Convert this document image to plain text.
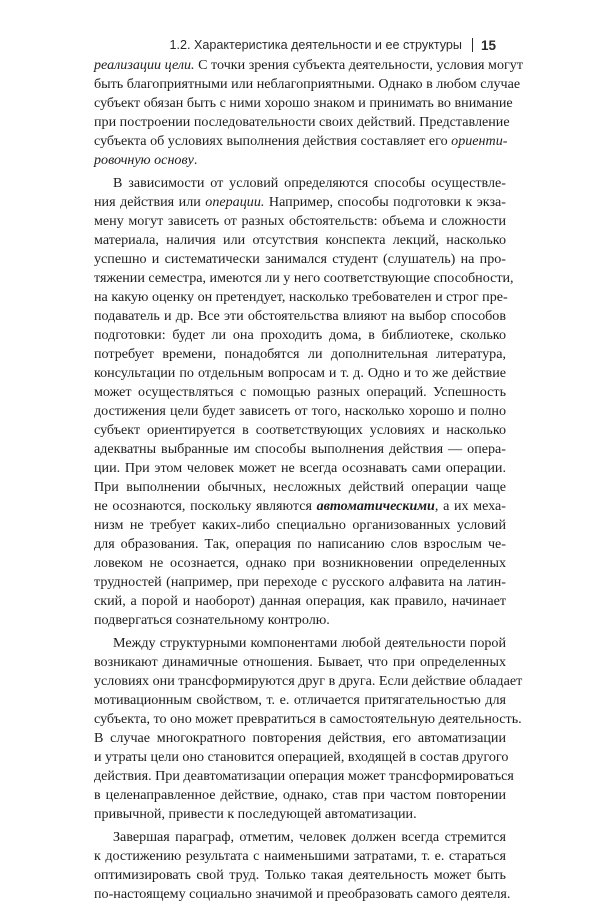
1.2. Характеристика деятельности и ее структуры 15
реализации цели. С точки зрения субъекта деятельности, условия могут
быть благоприятными или неблагоприятными. Однако в любом случае
субъект обязан быть с ними хорошо знаком и принимать во внимание
при построении последовательности своих действий. Представление
субъекта об условиях выполнения действия составляет его ориенти-
ровочную основу.
В зависимости от условий определяются способы осуществле-
ния действия или операции. Например, способы подготовки к экза-
мену могут зависеть от разных обстоятельств: объема и сложности
материала, наличия или отсутствия конспекта лекций, насколько
успешно и систематически занимался студент (слушатель) на про-
тяжении семестра, имеются ли у него соответствующие способности,
на какую оценку он претендует, насколько требователен и строг пре-
подаватель и др. Все эти обстоятельства влияют на выбор способов
подготовки: будет ли она проходить дома, в библиотеке, сколько
потребует времени, понадобятся ли дополнительная литература,
консультации по отдельным вопросам и т. д. Одно и то же действие
может осуществляться с помощью разных операций. Успешность
достижения цели будет зависеть от того, насколько хорошо и полно
субъект ориентируется в соответствующих условиях и насколько
адекватны выбранные им способы выполнения действия — опера-
ции. При этом человек может не всегда осознавать сами операции.
При выполнении обычных, несложных действий операции чаще
не осознаются, поскольку являются автоматическими, а их меха-
низм не требует каких-либо специально организованных условий
для образования. Так, операция по написанию слов взрослым че-
ловеком не осознается, однако при возникновении определенных
трудностей (например, при переходе с русского алфавита на латин-
ский, а порой и наоборот) данная операция, как правило, начинает
подвергаться сознательному контролю.
Между структурными компонентами любой деятельности порой
возникают динамичные отношения. Бывает, что при определенных
условиях они трансформируются друг в друга. Если действие обладает
мотивационным свойством, т. е. отличается притягательностью для
субъекта, то оно может превратиться в самостоятельную деятельность.
В случае многократного повторения действия, его автоматизации
и утраты цели оно становится операцией, входящей в состав другого
действия. При деавтоматизации операция может трансформироваться
в целенаправленное действие, однако, став при частом повторении
привычной, привести к последующей автоматизации.
Завершая параграф, отметим, человек должен всегда стремится
к достижению результата с наименьшими затратами, т. е. стараться
оптимизировать свой труд. Только такая деятельность может быть
по-настоящему социально значимой и преобразовать самого деятеля.
